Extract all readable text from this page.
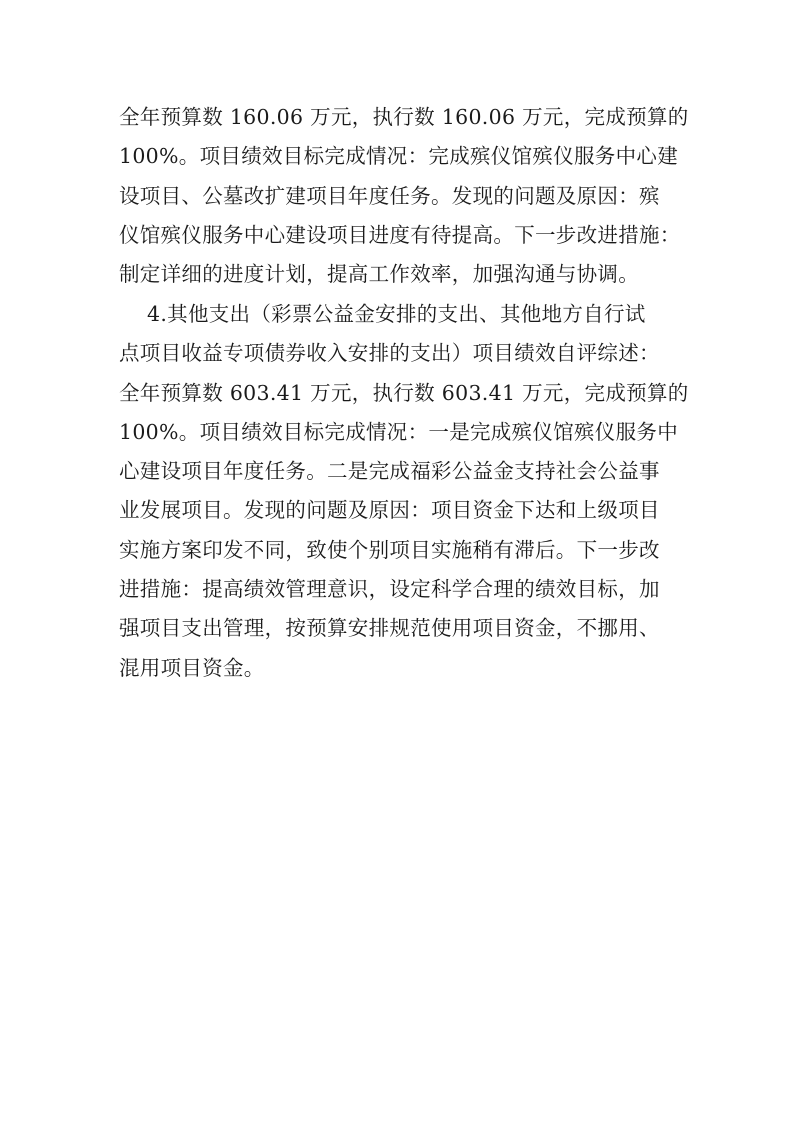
全年预算数 160.06 万元，执行数 160.06 万元，完成预算的
100%。项目绩效目标完成情况：完成殡仪馆殡仪服务中心建
设项目、公墓改扩建项目年度任务。发现的问题及原因：殡
仪馆殡仪服务中心建设项目进度有待提高。下一步改进措施：
制定详细的进度计划，提高工作效率，加强沟通与协调。
4.其他支出（彩票公益金安排的支出、其他地方自行试
点项目收益专项债券收入安排的支出）项目绩效自评综述：
全年预算数 603.41 万元，执行数 603.41 万元，完成预算的
100%。项目绩效目标完成情况：一是完成殡仪馆殡仪服务中
心建设项目年度任务。二是完成福彩公益金支持社会公益事
业发展项目。发现的问题及原因：项目资金下达和上级项目
实施方案印发不同，致使个别项目实施稍有滞后。下一步改
进措施：提高绩效管理意识，设定科学合理的绩效目标，加
强项目支出管理，按预算安排规范使用项目资金，不挪用、
混用项目资金。
